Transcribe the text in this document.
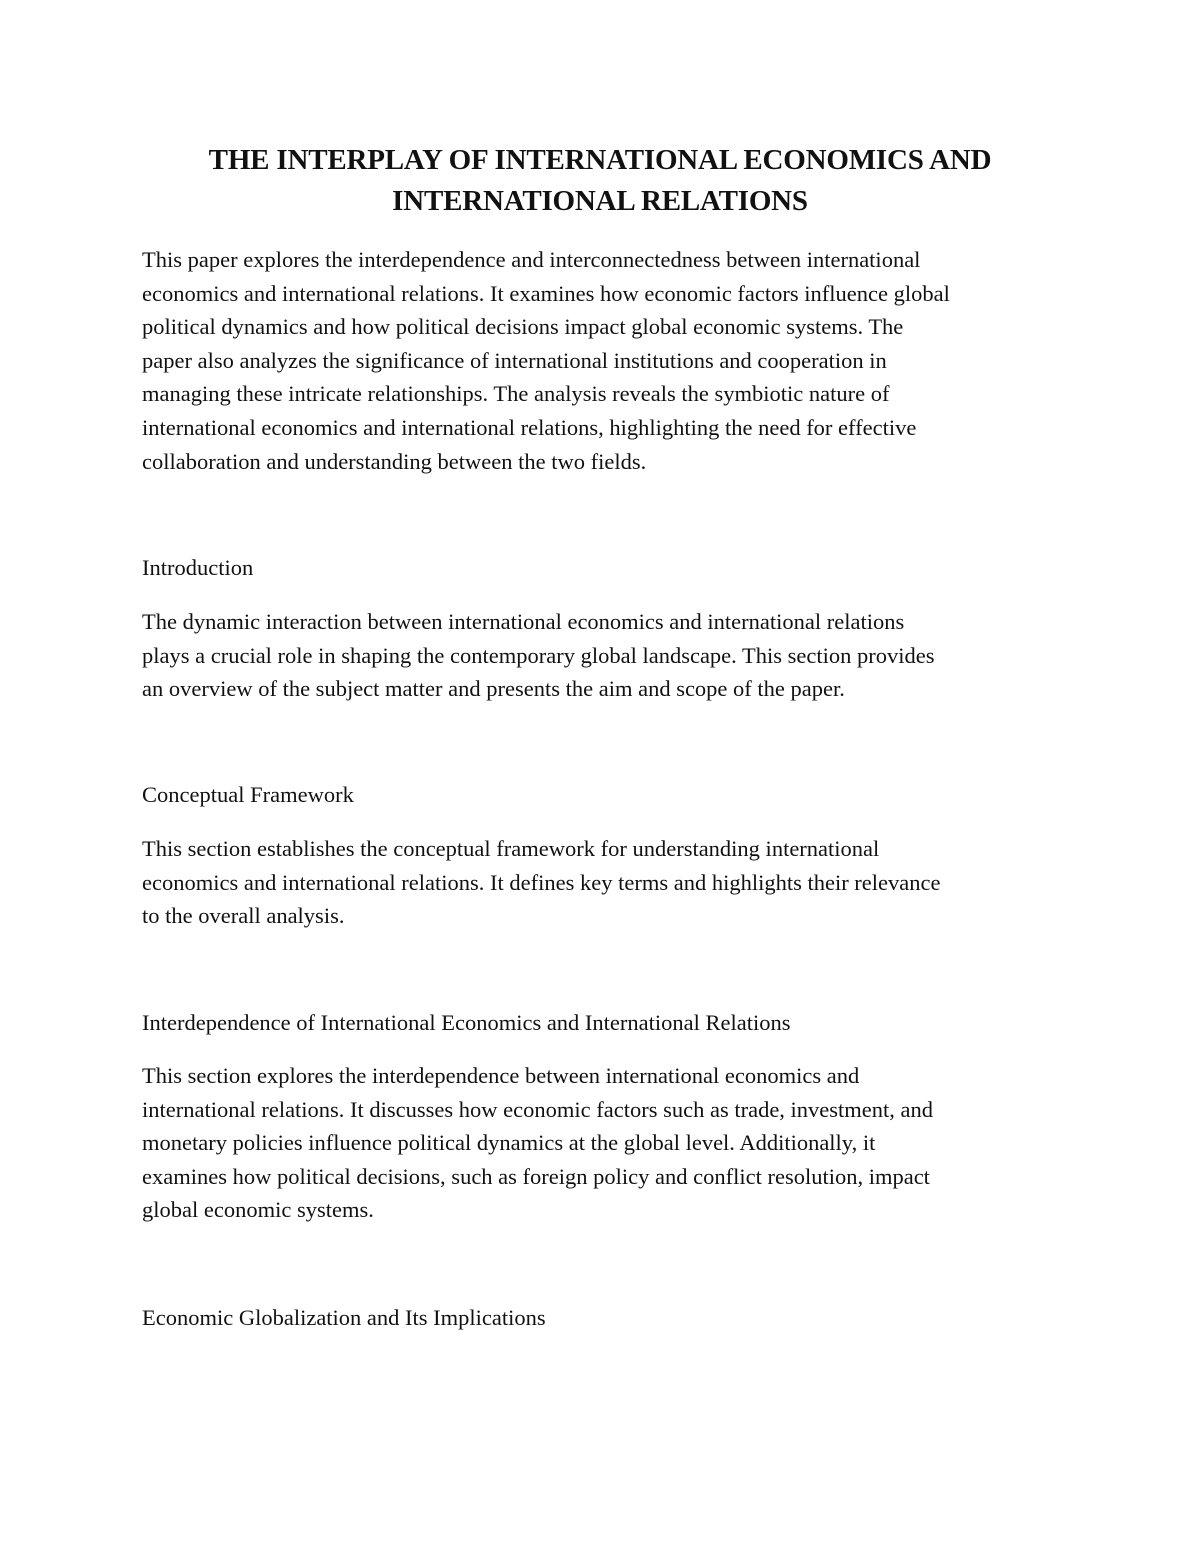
THE INTERPLAY OF INTERNATIONAL ECONOMICS AND
INTERNATIONAL RELATIONS

This paper explores the interdependence and interconnectedness between international
economics and international relations. It examines how economic factors influence global
political dynamics and how political decisions impact global economic systems. The
paper also analyzes the significance of international institutions and cooperation in
managing these intricate relationships. The analysis reveals the symbiotic nature of
international economics and international relations, highlighting the need for effective
collaboration and understanding between the two fields.

Introduction

The dynamic interaction between international economics and international relations
plays a crucial role in shaping the contemporary global landscape. This section provides
an overview of the subject matter and presents the aim and scope of the paper.

Conceptual Framework

This section establishes the conceptual framework for understanding international
economics and international relations. It defines key terms and highlights their relevance
to the overall analysis.

Interdependence of International Economics and International Relations

This section explores the interdependence between international economics and
international relations. It discusses how economic factors such as trade, investment, and
monetary policies influence political dynamics at the global level. Additionally, it
examines how political decisions, such as foreign policy and conflict resolution, impact
global economic systems.

Economic Globalization and Its Implications
